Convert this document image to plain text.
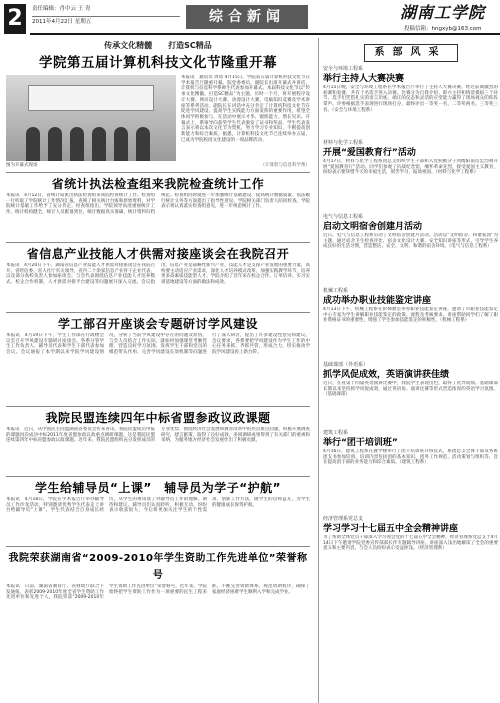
2	责任编辑：肖中云 王 青
2011年4月22日 星期五	综合新闻	湖南工学院
投稿信箱：hngxyb@163.com
传承文化精髓　　打造SC精品
学院第五届计算机科技文化节隆重开幕
图为开幕式现场
本报讯　通讯员 周琦 4月15日，学院第五届计算机科技文化节在学术报告厅隆重开幕。院党委委员、副院长出席开幕式并讲话，计算机与信息科学系师生代表参加开幕式。本届科技文化节以“传承文化精髓、打造SC精品”为主题，历时一个月，将开展程序设计大赛、网页设计大赛、动漫设计大赛、电脑知识竞赛及学术讲座等系列活动。副院长在讲话中充分肯定了计算机科技文化节在促进学风建设、提高学生实践能力方面发挥的重要作用，希望全体同学积极参与，在活动中展示才华、锻炼能力、增长见识。开幕式上，系领导向获奖学生代表颁发了证书和奖品，学生代表发言表示将以本次文化节为契机，努力学习专业知识，不断提高创新能力和综合素质。据悉，计算机科技文化节已连续举办五届，已成为学院校园文化建设的一项品牌活动。
（计算机与信息科学系）
省统计执法检查组来我院检查统计工作
本报讯　4月12日，省统计局派出执法检查组来我院检查统计工作。检查组一行听取了学院统计工作情况汇报，查阅了相关统计台账和原始资料，对学院统计基础工作给予了充分肯定。检查组指出，学院领导高度重视统计工作，统计机构健全，统计人员配备到位，统计数据真实准确，统计资料归档规范。检查组同时就进一步加强统计基础建设、提高统计数据质量、依法履行统计义务等方面提出了指导性意见。学院相关部门负责人陪同检查。学院表示将认真落实检查组意见，进一步规范统计工作。
省信息产业技能人才供需对接座谈会在我院召开
本报讯　4月20日下午，湖南省信息产业技能人才供需对接座谈会在我院召开。省经信委、省人社厅有关领导，省内二十余家信息产业骨干企业代表，以及部分高校负责人参加座谈会。与会代表围绕信息产业技能人才培养模式、校企合作机制、人才供需对接平台建设等问题展开深入交流。会议指出，信息产业是战略性新兴产业，技能人才是支撑产业发展的重要力量，高校要主动适应产业需求，深化人才培养模式改革，加强实践教学环节，培养更多高素质技能型人才。学院介绍了近年来在校企合作、订单培养、实习实训基地建设等方面的做法和成效。
学工部召开座谈会专题研讨学风建设
本报讯　4月19日下午，学生工作部在行政楼会议室召开学风建设专题研讨座谈会。各系分管学生工作负责人、辅导员代表和学生干部代表参加会议。会议通报了本学期以来学院学风建设情况，分析了当前学风建设中存在的问题及原因。与会人员结合工作实际，就如何加强课堂考勤管理、营造良好学习氛围、发挥学生干部和党员的模范带头作用、完善学风建设长效机制等问题进行了深入研讨，提出了许多建设性意见和建议。会议要求，各系要把学风建设作为学生工作的中心任务来抓，齐抓共管，形成合力，切实推动学院学风建设再上新台阶。
我院民盟连续四年中标省盟参政议政课题
本报讯　近日，从中国民主同盟湖南省委员会传来喜讯，我院民盟成员申报的课题再次成功中标2011年度省盟参政议政重点调研课题。这是我院民盟连续第四年中标省盟参政议政课题。近年来，我院民盟组织充分发挥成员的专业优势，围绕经济社会发展和教育改革中的热点难点问题，积极开展调查研究，建言献策，取得了良好成效，多项调研成果得到了有关部门的重视和采纳，为服务地方经济社会发展作出了积极贡献。
学生给辅导员“上课”　辅导员为学子“护航”
本报讯　4月18日，学院在学术报告厅举办辅导员工作沙龙活动，特别邀请优秀学生代表走上讲台给辅导员“上课”。学生代表结合自身成长经历，从学生的视角谈了对辅导员工作的理解、期待和建议。辅导员们认真聆听、积极互动，纷纷表示收获很大，今后将更加关注学生的个性需求，创新工作方法，做学生的良师益友，为学生的健康成长保驾护航。
我院荣获湖南省“2009-2010年学生资助工作先进单位”荣誉称号
本报讯　日前，湖南省教育厅、省财政厅联合下发通报，表彰2009-2010年度全省学生资助工作先进单位和先进个人，我院荣获“2009-2010年学生资助工作先进单位”荣誉称号。近年来，学院始终把学生资助工作作为一项重要的民生工程来抓，不断完善资助体系，规范资助程序，确保了家庭经济困难学生顺利入学和完成学业。
系部风采
安全与环境工程系
举行主持人大赛决赛
4月15日晚，安全与环境工程系在学术报告厅举行了主持人大赛决赛。经过前期激烈的初赛和复赛，共有十名选手进入决赛。比赛分为自我介绍、即兴主持和情景模拟三个环节，选手们凭借扎实的语言功底、端庄的仪态和灵活的应变能力赢得了现场观众的阵阵掌声。评委根据选手表现进行现场打分，最终评出一等奖一名、二等奖两名、三等奖三名。（安全与环境工程系）
材料与化学工程系
开展“爱国教育行”活动
4月17日，材料与化学工程系团总支组织学生干部和入党积极分子到衡阳南岳忠烈祠开展“爱国教育行”活动。同学们参观了抗战纪念馆，缅怀革命先烈，接受爱国主义教育，纷纷表示要珍惜今天的幸福生活，刻苦学习，报效祖国。（材料与化学工程系）
电气与信息工程系
启动文明宿舍创建月活动
近日，电气与信息工程系启动了文明宿舍创建月活动。活动以“文明宿舍、和谐家园”为主题，通过宿舍卫生检查评比、宿舍文化设计大赛、安全知识讲座等形式，引导学生养成良好的生活习惯，营造整洁、安全、文明、和谐的宿舍环境。（电气与信息工程系）
机械工程系
成功举办职业技能鉴定讲座
4月13日下午，机械工程系在阶梯教室举办职业技能鉴定讲座，邀请了市职业技能鉴定中心专家为学生讲解职业技能鉴定的政策、流程及考核要求。讲座帮助同学们了解了职业资格证书的重要性，增强了学生参加技能鉴定的积极性。（机械工程系）
基础课部（外语系）
抓学风促成效，英语演讲获佳绩
近日，在省第十四届英语演讲比赛中，我院学生表现出色，取得了优异成绩。基础课部长期以来坚持抓学风促成效，通过英语角、演讲比赛等形式营造浓厚的英语学习氛围。（基础课部）
建筑工程系
举行“团干培训班”
4月16日，建筑工程系在教学楼举行了团干培训班开班仪式，系团总支全体干部及各班团支书参加培训。培训内容包括团的基本知识、团务工作规范、活动策划与组织等，旨在提高团干部的业务能力和综合素质。（建筑工程系）
经济管理系党总支
学习学习十七届五中全会精神讲座
为了帮助全体党员干部深入学习领会党的十七届五中全会精神，经济管理系党总支于4月14日下午邀请学院党委宣传部部长作专题辅导讲座。讲座深入浅出地解读了全会的重要意义和主要内容，与会人员纷纷表示受益匪浅。（经济管理系）
